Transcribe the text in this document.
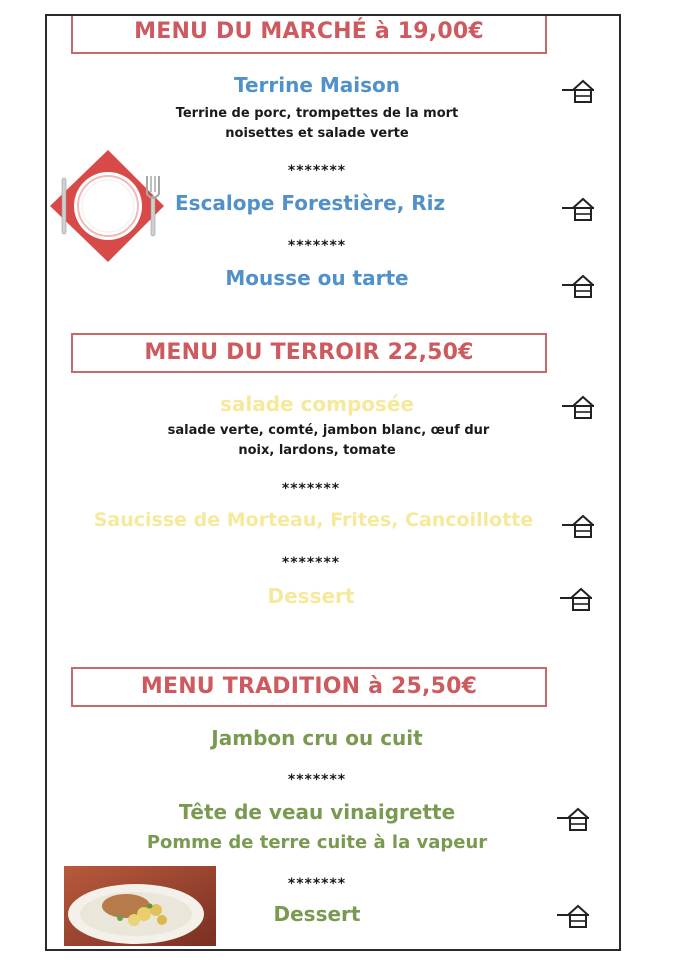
MENU DU MARCHÉ à 19,00€
Terrine Maison
Terrine de porc, trompettes de la mort
noisettes et salade verte
*******
Escalope Forestière, Riz
*******
Mousse ou tarte
MENU DU TERROIR 22,50€
salade composée
salade verte, comté, jambon blanc, œuf dur
noix, lardons, tomate
*******
Saucisse de Morteau, Frites, Cancoillotte
*******
Dessert
MENU TRADITION à 25,50€
Jambon cru ou cuit
*******
Tête de veau vinaigrette
Pomme de terre cuite à la vapeur
*******
Dessert
